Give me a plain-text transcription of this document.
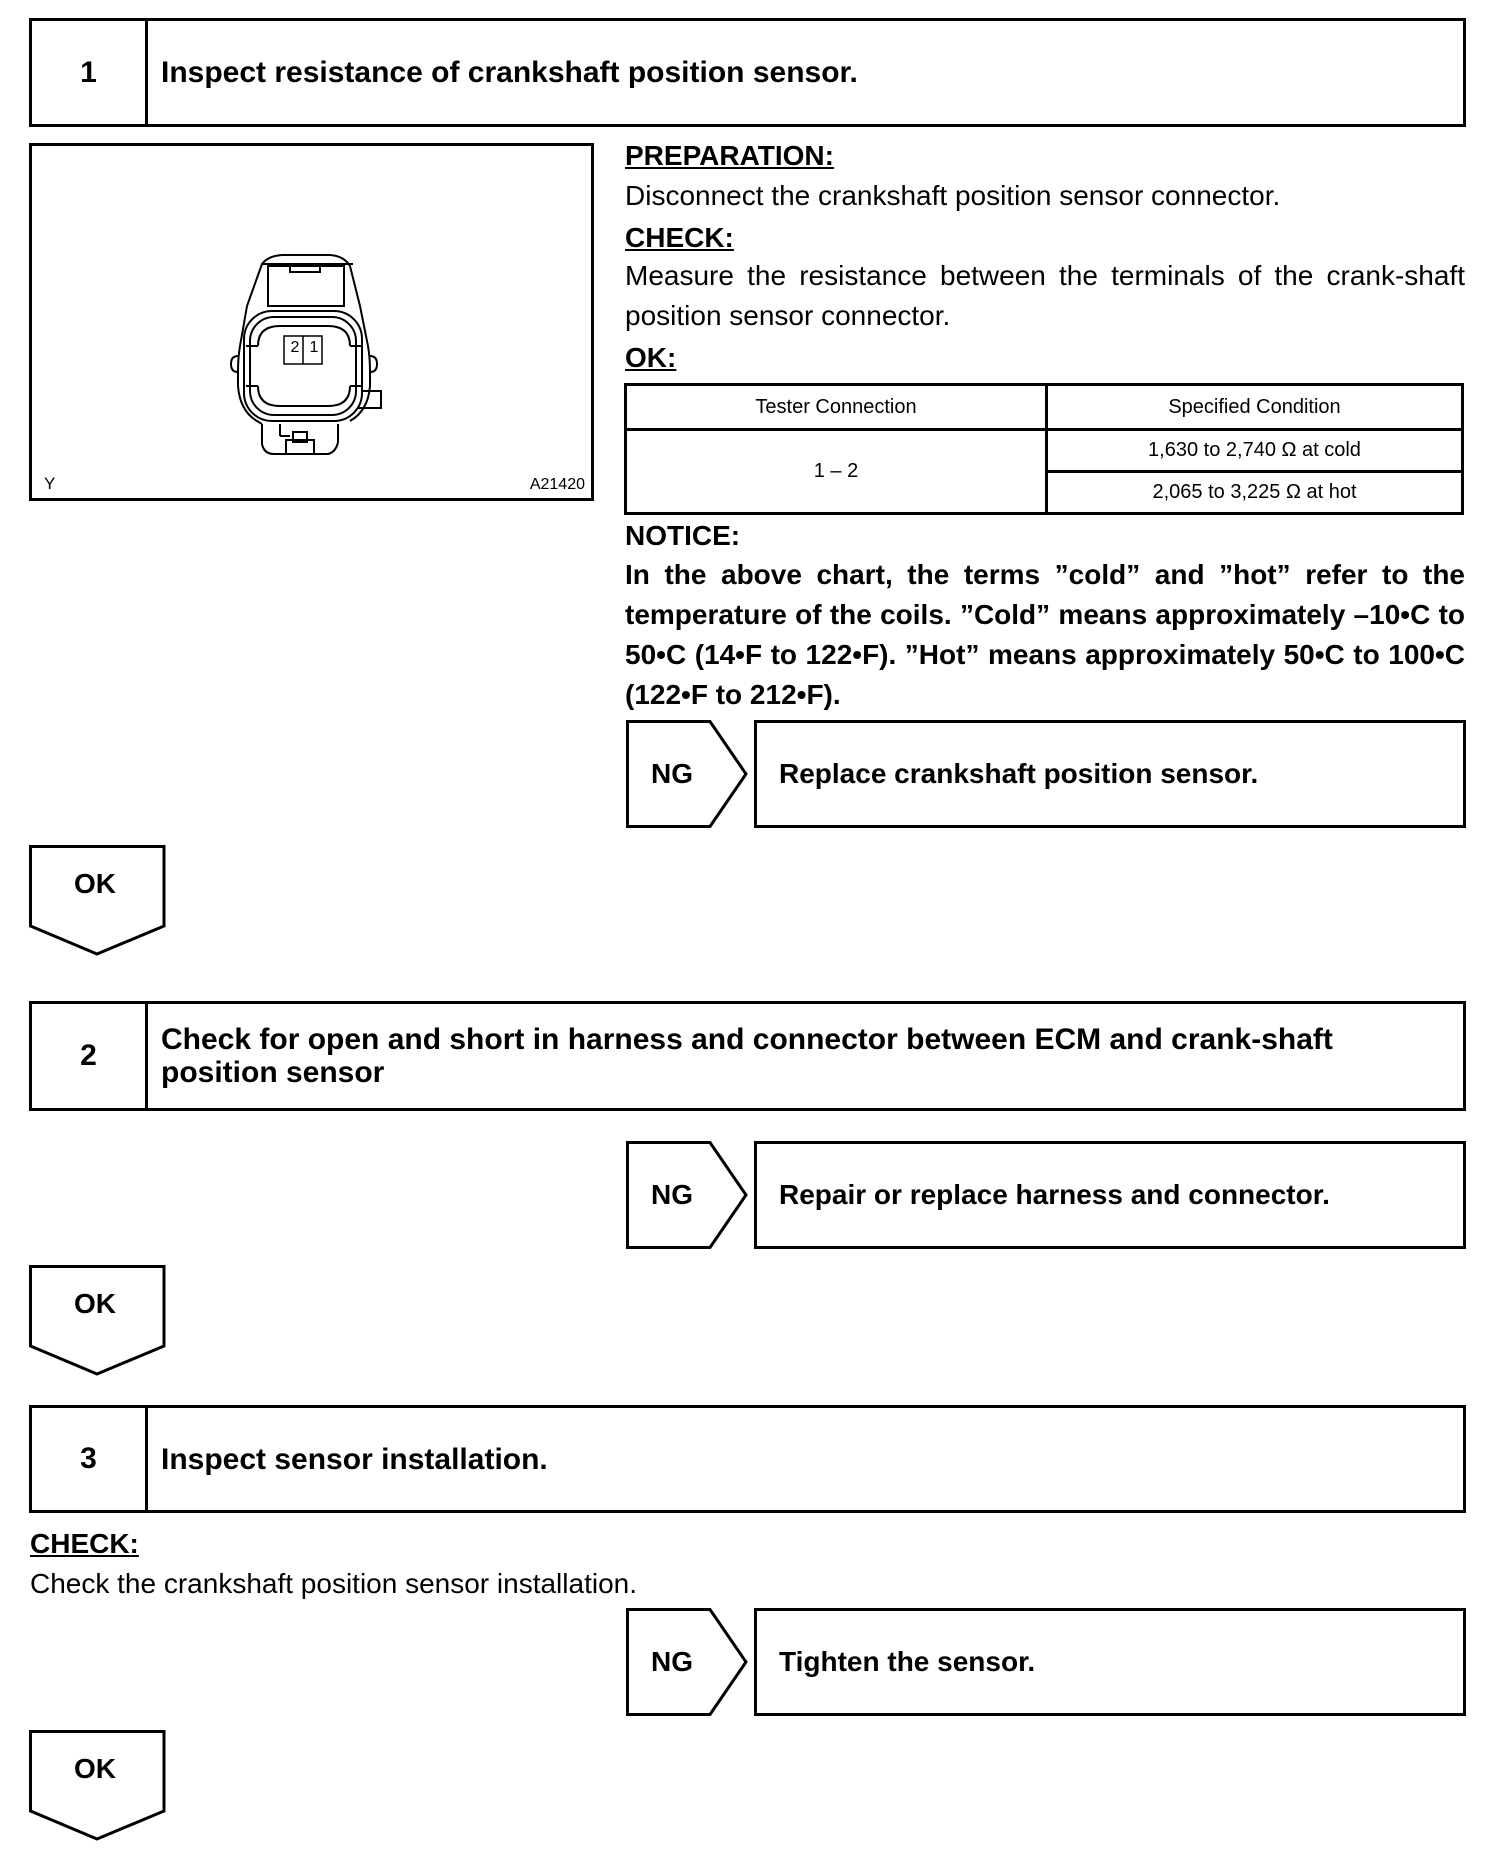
1	Inspect resistance of crankshaft position sensor.
2 1
Y	A21420
PREPARATION:
Disconnect the crankshaft position sensor connector.
CHECK:
Measure the resistance between the terminals of the crank-shaft position sensor connector.
OK:
Tester Connection	Specified Condition
1 – 2	1,630 to 2,740 Ω at cold
	2,065 to 3,225 Ω at hot
NOTICE:
In the above chart, the terms ”cold” and ”hot” refer to the temperature of the coils. ”Cold” means approximately –10•C to 50•C (14•F to 122•F). ”Hot” means approximately 50•C to 100•C (122•F to 212•F).
NG	Replace crankshaft position sensor.
OK
2	Check for open and short in harness and connector between ECM and crank-shaft position sensor
NG	Repair or replace harness and connector.
OK
3	Inspect sensor installation.
CHECK:
Check the crankshaft position sensor installation.
NG	Tighten the sensor.
OK
